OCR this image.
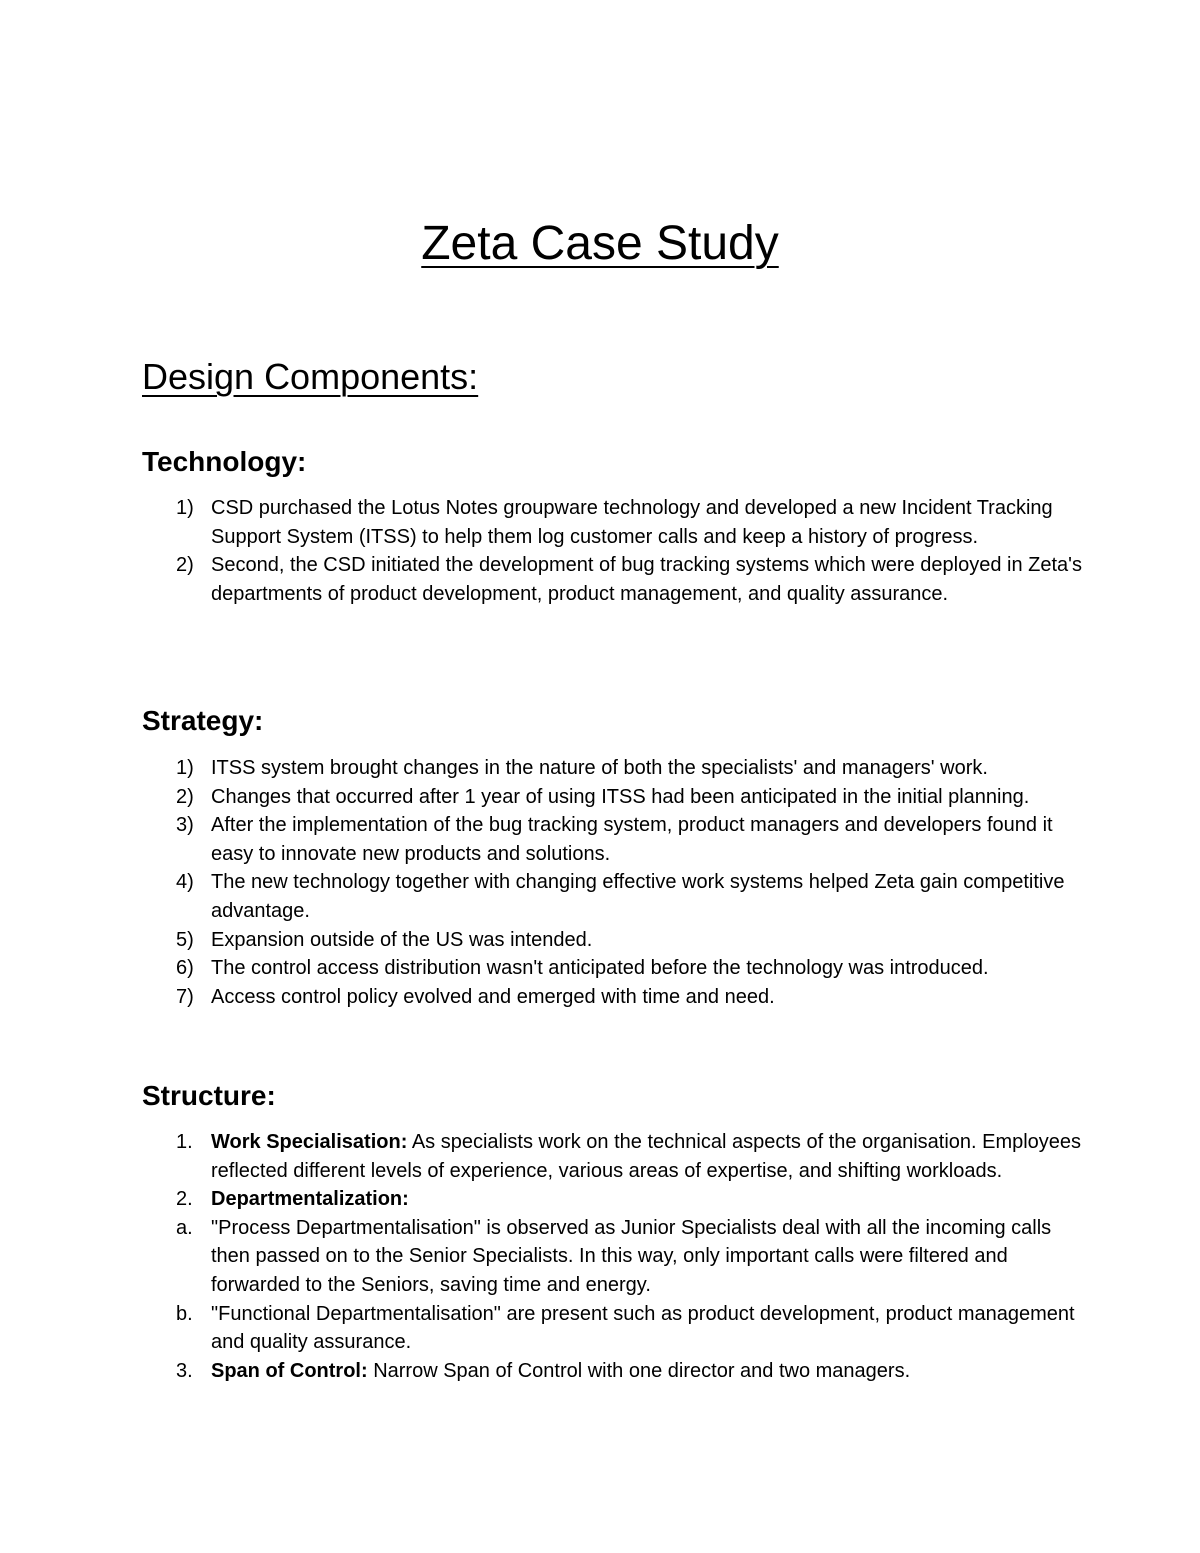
Zeta Case Study
Design Components:
Technology:
1) CSD purchased the Lotus Notes groupware technology and developed a new Incident Tracking Support System (ITSS) to help them log customer calls and keep a history of progress.
2) Second, the CSD initiated the development of bug tracking systems which were deployed in Zeta's departments of product development, product management, and quality assurance.
Strategy:
1) ITSS system brought changes in the nature of both the specialists' and managers' work.
2) Changes that occurred after 1 year of using ITSS had been anticipated in the initial planning.
3) After the implementation of the bug tracking system, product managers and developers found it easy to innovate new products and solutions.
4) The new technology together with changing effective work systems helped Zeta gain competitive advantage.
5) Expansion outside of the US was intended.
6) The control access distribution wasn't anticipated before the technology was introduced.
7) Access control policy evolved and emerged with time and need.
Structure:
1. Work Specialisation: As specialists work on the technical aspects of the organisation. Employees reflected different levels of experience, various areas of expertise, and shifting workloads.
2. Departmentalization:
a. "Process Departmentalisation" is observed as Junior Specialists deal with all the incoming calls then passed on to the Senior Specialists. In this way, only important calls were filtered and forwarded to the Seniors, saving time and energy.
b. "Functional Departmentalisation" are present such as product development, product management and quality assurance.
3. Span of Control: Narrow Span of Control with one director and two managers.
